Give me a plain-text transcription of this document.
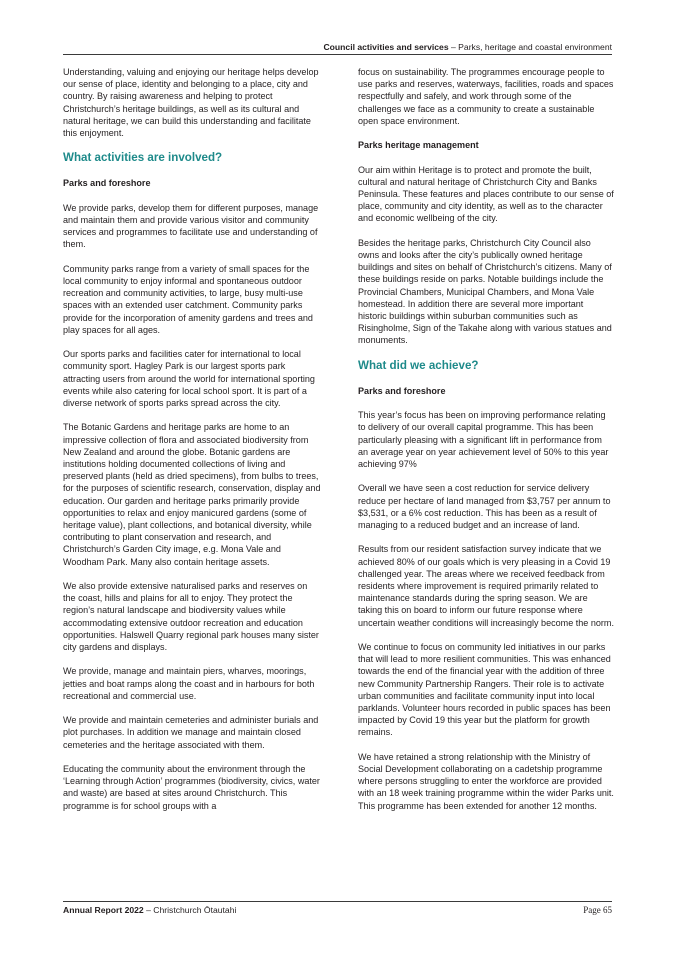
Council activities and services – Parks, heritage and coastal environment

Understanding, valuing and enjoying our heritage helps develop our sense of place, identity and belonging to a place, city and country. By raising awareness and helping to protect Christchurch’s heritage buildings, as well as its cultural and natural heritage, we can build this understanding and facilitate this enjoyment.

What activities are involved?

Parks and foreshore

We provide parks, develop them for different purposes, manage and maintain them and provide various visitor and community services and programmes to facilitate use and understanding of them.

Community parks range from a variety of small spaces for the local community to enjoy informal and spontaneous outdoor recreation and community activities, to large, busy multi-use spaces with an extended user catchment. Community parks provide for the incorporation of amenity gardens and trees and play spaces for all ages.

Our sports parks and facilities cater for international to local community sport. Hagley Park is our largest sports park attracting users from around the world for international sporting events while also catering for local school sport. It is part of a diverse network of sports parks spread across the city.

The Botanic Gardens and heritage parks are home to an impressive collection of flora and associated biodiversity from New Zealand and around the globe. Botanic gardens are institutions holding documented collections of living and preserved plants (held as dried specimens), from bulbs to trees, for the purposes of scientific research, conservation, display and education. Our garden and heritage parks primarily provide opportunities to relax and enjoy manicured gardens (some of heritage value), plant collections, and botanical diversity, while contributing to plant conservation and research, and Christchurch’s Garden City image, e.g. Mona Vale and Woodham Park. Many also contain heritage assets.

We also provide extensive naturalised parks and reserves on the coast, hills and plains for all to enjoy. They protect the region’s natural landscape and biodiversity values while accommodating extensive outdoor recreation and education opportunities. Halswell Quarry regional park houses many sister city gardens and displays.

We provide, manage and maintain piers, wharves, moorings, jetties and boat ramps along the coast and in harbours for both recreational and commercial use.

We provide and maintain cemeteries and administer burials and plot purchases. In addition we manage and maintain closed cemeteries and the heritage associated with them.

Educating the community about the environment through the ‘Learning through Action’ programmes (biodiversity, civics, water and waste) are based at sites around Christchurch. This programme is for school groups with a

focus on sustainability. The programmes encourage people to use parks and reserves, waterways, facilities, roads and spaces respectfully and safely, and work through some of the challenges we face as a community to create a sustainable open space environment.

Parks heritage management

Our aim within Heritage is to protect and promote the built, cultural and natural heritage of Christchurch City and Banks Peninsula. These features and places contribute to our sense of place, community and city identity, as well as to the character and economic wellbeing of the city.

Besides the heritage parks, Christchurch City Council also owns and looks after the city’s publically owned heritage buildings and sites on behalf of Christchurch’s citizens. Many of these buildings reside on parks. Notable buildings include the Provincial Chambers, Municipal Chambers, and Mona Vale homestead. In addition there are several more important historic buildings within suburban communities such as Risingholme, Sign of the Takahe along with various statues and monuments.

What did we achieve?

Parks and foreshore

This year’s focus has been on improving performance relating to delivery of our overall capital programme. This has been particularly pleasing with a significant lift in performance from an average year on year achievement level of 50% to this year achieving 97%

Overall we have seen a cost reduction for service delivery reduce per hectare of land managed from $3,757 per annum to $3,531, or a 6% cost reduction. This has been as a result of managing to a reduced budget and an increase of land.

Results from our resident satisfaction survey indicate that we achieved 80% of our goals which is very pleasing in a Covid 19 challenged year. The areas where we received feedback from residents where improvement is required primarily related to maintenance standards during the spring season. We are taking this on board to inform our future response where uncertain weather conditions will increasingly become the norm.

We continue to focus on community led initiatives in our parks that will lead to more resilient communities. This was enhanced towards the end of the financial year with the addition of three new Community Partnership Rangers. Their role is to activate urban communities and facilitate community input into local parklands. Volunteer hours recorded in public spaces has been impacted by Covid 19 this year but the platform for growth remains.

We have retained a strong relationship with the Ministry of Social Development collaborating on a cadetship programme where persons struggling to enter the workforce are provided with an 18 week training programme within the wider Parks unit. This programme has been extended for another 12 months.

Annual Report 2022 – Christchurch Ōtautahi	Page 65
